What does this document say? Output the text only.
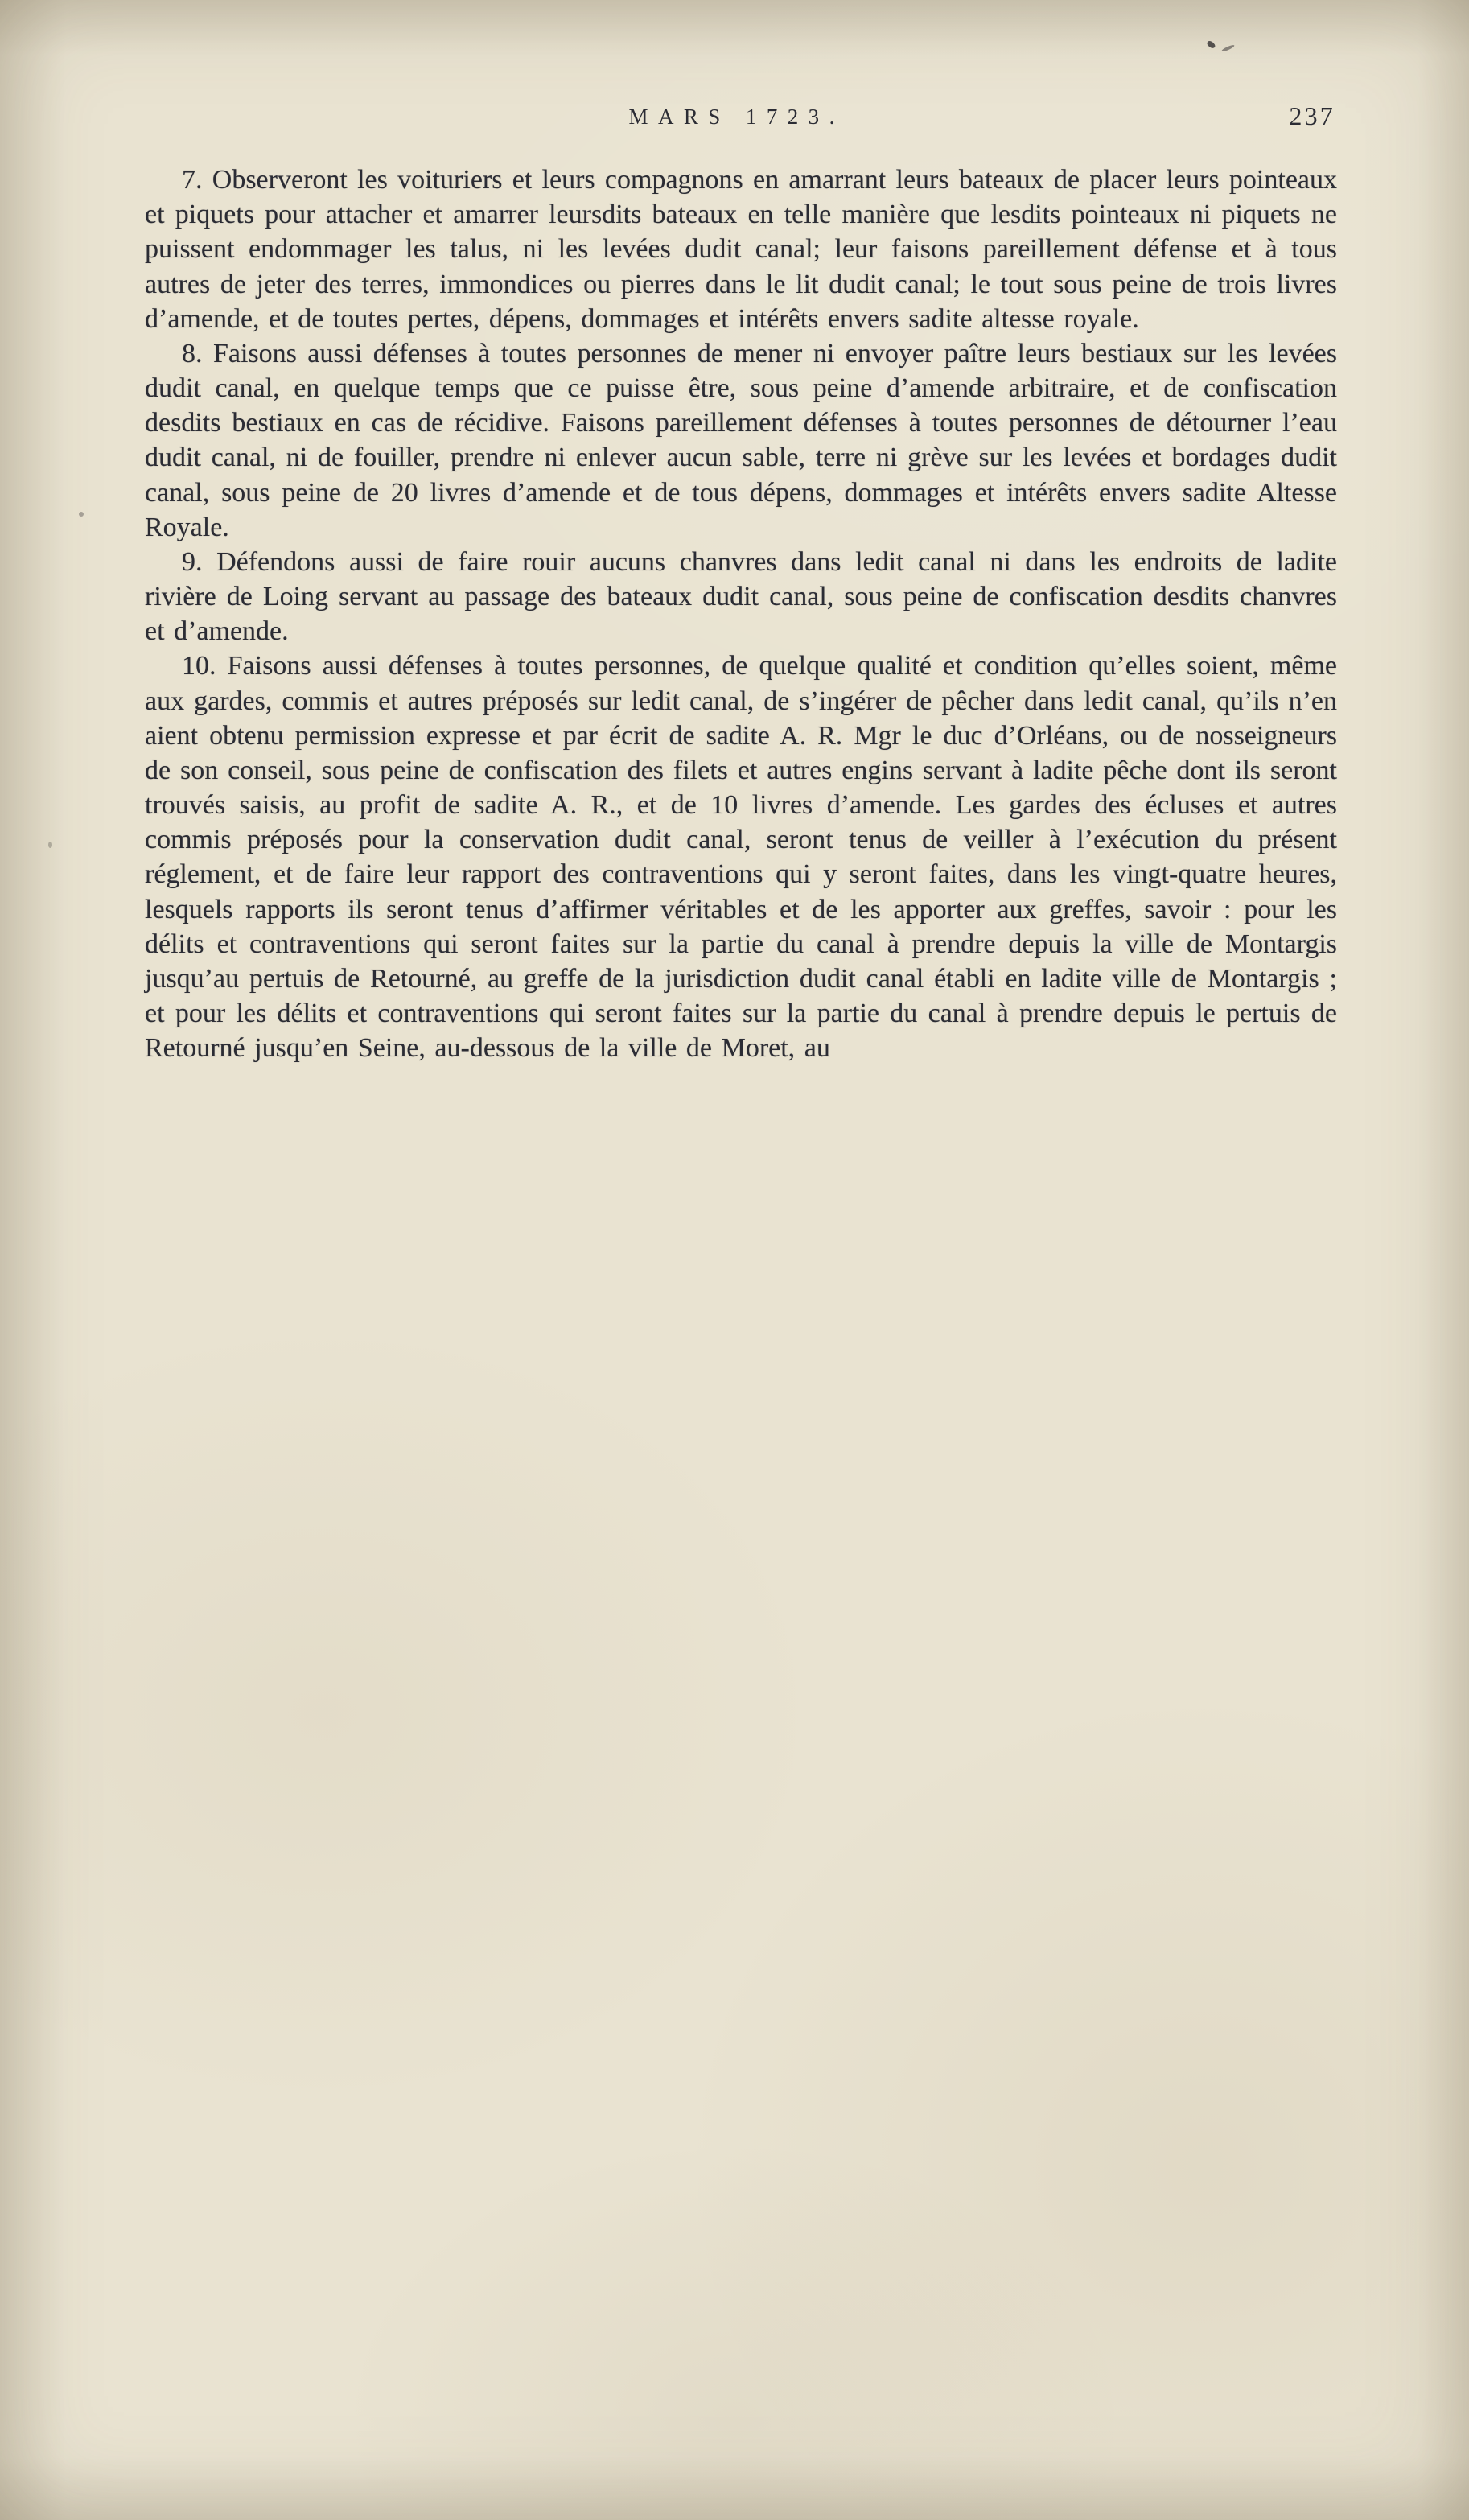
MARS 1723.	237

7. Observeront les voituriers et leurs compagnons en amarrant leurs bateaux de placer leurs pointeaux et piquets pour attacher et amarrer leursdits bateaux en telle manière que lesdits pointeaux ni piquets ne puissent endommager les talus, ni les levées dudit canal; leur faisons pareillement défense et à tous autres de jeter des terres, immondices ou pierres dans le lit dudit canal; le tout sous peine de trois livres d’amende, et de toutes pertes, dépens, dommages et intérêts envers sadite altesse royale.

8. Faisons aussi défenses à toutes personnes de mener ni envoyer paître leurs bestiaux sur les levées dudit canal, en quelque temps que ce puisse être, sous peine d’amende arbitraire, et de confiscation desdits bestiaux en cas de récidive. Faisons pareillement défenses à toutes personnes de détourner l’eau dudit canal, ni de fouiller, prendre ni enlever aucun sable, terre ni grève sur les levées et bordages dudit canal, sous peine de 20 livres d’amende et de tous dépens, dommages et intérêts envers sadite Altesse Royale.

9. Défendons aussi de faire rouir aucuns chanvres dans ledit canal ni dans les endroits de ladite rivière de Loing servant au passage des bateaux dudit canal, sous peine de confiscation desdits chanvres et d’amende.

10. Faisons aussi défenses à toutes personnes, de quelque qualité et condition qu’elles soient, même aux gardes, commis et autres préposés sur ledit canal, de s’ingérer de pêcher dans ledit canal, qu’ils n’en aient obtenu permission expresse et par écrit de sadite A. R. Mgr le duc d’Orléans, ou de nosseigneurs de son conseil, sous peine de confiscation des filets et autres engins servant à ladite pêche dont ils seront trouvés saisis, au profit de sadite A. R., et de 10 livres d’amende. Les gardes des écluses et autres commis préposés pour la conservation dudit canal, seront tenus de veiller à l’exécution du présent réglement, et de faire leur rapport des contraventions qui y seront faites, dans les vingt-quatre heures, lesquels rapports ils seront tenus d’affirmer véritables et de les apporter aux greffes, savoir : pour les délits et contraventions qui seront faites sur la partie du canal à prendre depuis la ville de Montargis jusqu’au pertuis de Retourné, au greffe de la jurisdiction dudit canal établi en ladite ville de Montargis ; et pour les délits et contraventions qui seront faites sur la partie du canal à prendre depuis le pertuis de Retourné jusqu’en Seine, au-dessous de la ville de Moret, au
